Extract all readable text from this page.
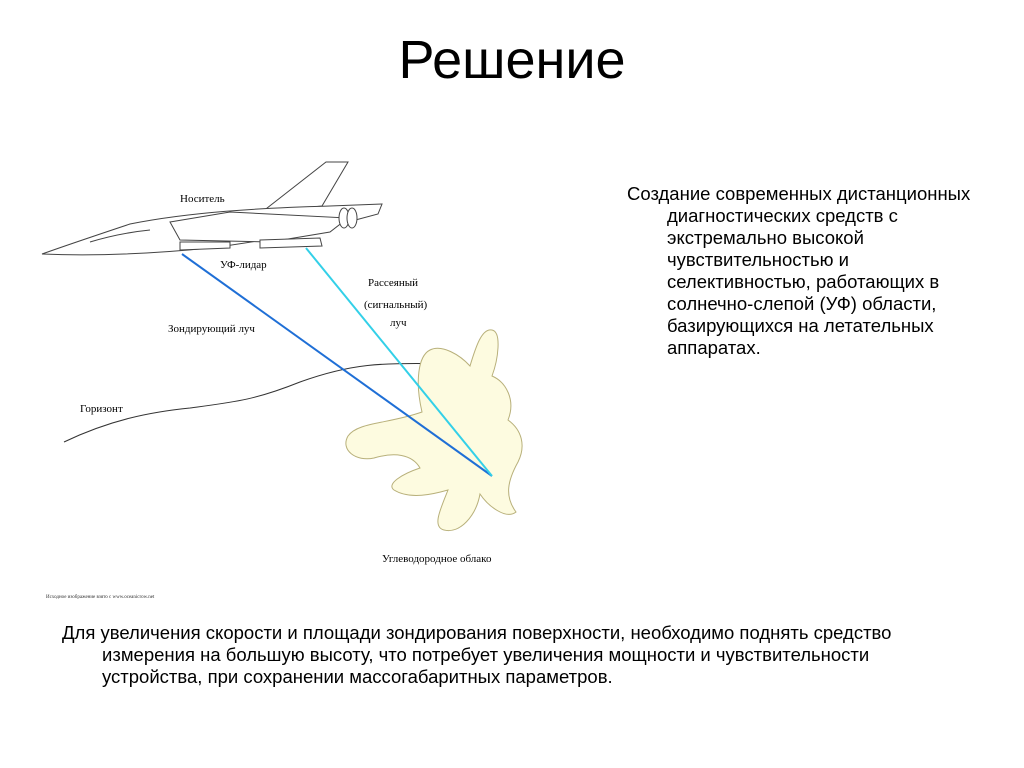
Решение
Носитель
УФ-лидар
Рассеяный
(сигнальный)
луч
Зондирующий луч
Горизонт
Углеводородное облако
Исходное изображение взято с www.oceanicrow.net

Создание современных дистанционных диагностических средств с экстремально высокой чувствительностью и селективностью, работающих в солнечно-слепой (УФ) области, базирующихся на летательных аппаратах.

Для увеличения скорости и площади зондирования поверхности, необходимо поднять средство измерения на большую высоту, что потребует увеличения мощности и чувствительности устройства, при сохранении массогабаритных параметров.
